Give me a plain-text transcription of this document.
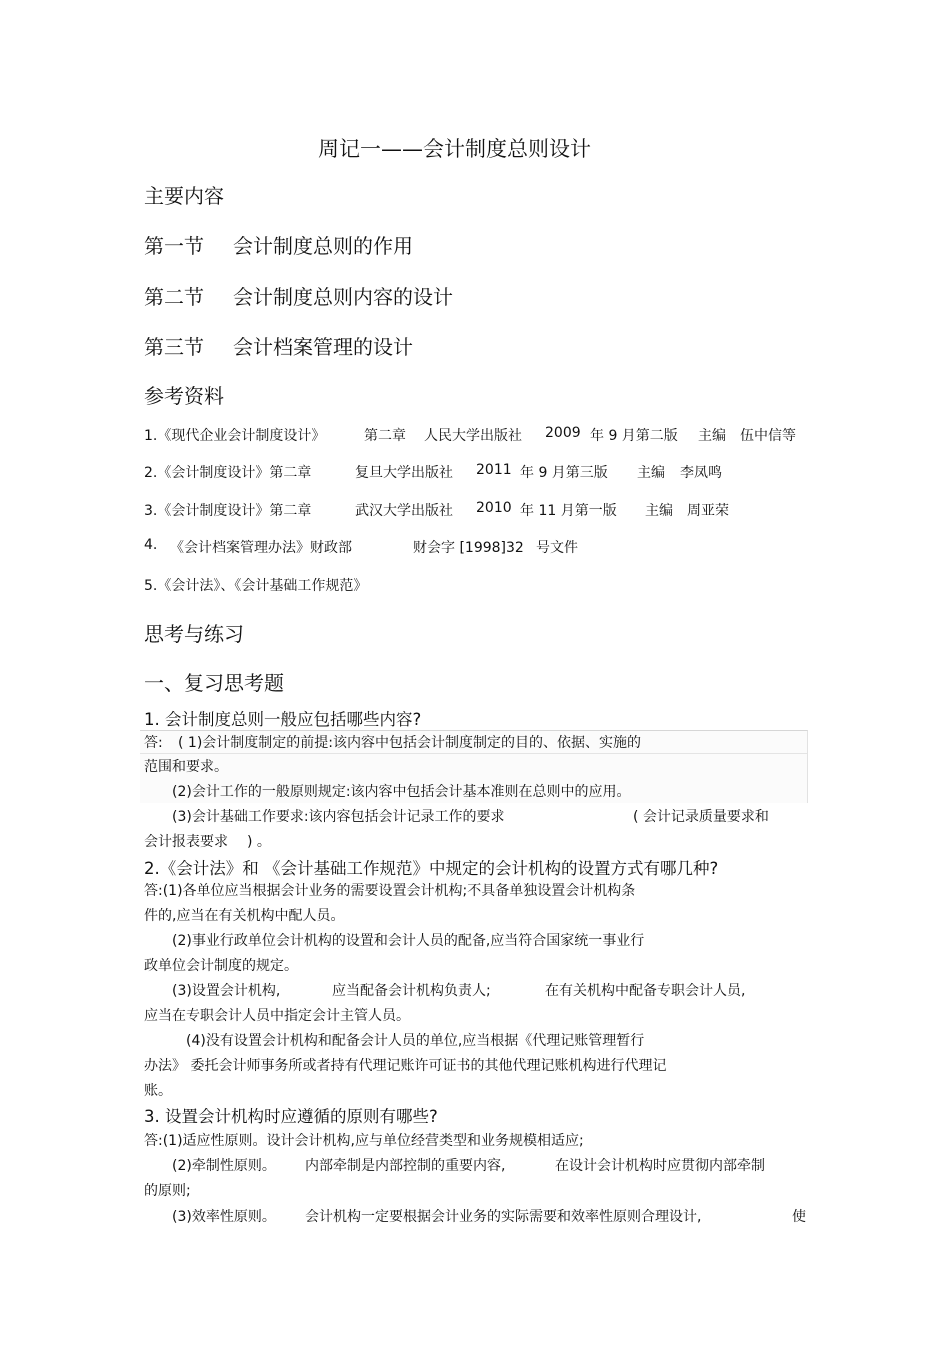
周记一——会计制度总则设计
主要内容
第一节 会计制度总则的作用
第二节 会计制度总则内容的设计
第三节 会计档案管理的设计
参考资料
1.《现代企业会计制度设计》	第二章 人民大学出版社 2009 年 9 月第二版 主编 伍中信等
2.《会计制度设计》第二章	复旦大学出版社 2011 年 9 月第三版 主编 李凤鸣
3.《会计制度设计》第二章	武汉大学出版社 2010 年 11 月第一版 主编 周亚荣
4. 《会计档案管理办法》财政部	财会字 [1998]32 号文件
5.《会计法》、《会计基础工作规范》
思考与练习
一、复习思考题
1. 会计制度总则一般应包括哪些内容?
答: ( 1)会计制度制定的前提:该内容中包括会计制度制定的目的、依据、实施的
范围和要求。
(2)会计工作的一般原则规定:该内容中包括会计基本准则在总则中的应用。
(3)会计基础工作要求:该内容包括会计记录工作的要求	( 会计记录质量要求和
会计报表要求 ) 。
2.《会计法》和 《会计基础工作规范》中规定的会计机构的设置方式有哪几种?
答:(1)各单位应当根据会计业务的需要设置会计机构;不具备单独设置会计机构条
件的,应当在有关机构中配人员。
(2)事业行政单位会计机构的设置和会计人员的配备,应当符合国家统一事业行
政单位会计制度的规定。
(3)设置会计机构,	应当配备会计机构负责人;	在有关机构中配备专职会计人员,
应当在专职会计人员中指定会计主管人员。
(4)没有设置会计机构和配备会计人员的单位,应当根据《代理记账管理暂行
办法》 委托会计师事务所或者持有代理记账许可证书的其他代理记账机构进行代理记
账。
3. 设置会计机构时应遵循的原则有哪些?
答:(1)适应性原则。设计会计机构,应与单位经营类型和业务规模相适应;
(2)牵制性原则。 内部牵制是内部控制的重要内容,	在设计会计机构时应贯彻内部牵制
的原则;
(3)效率性原则。 会计机构一定要根据会计业务的实际需要和效率性原则合理设计,	使
